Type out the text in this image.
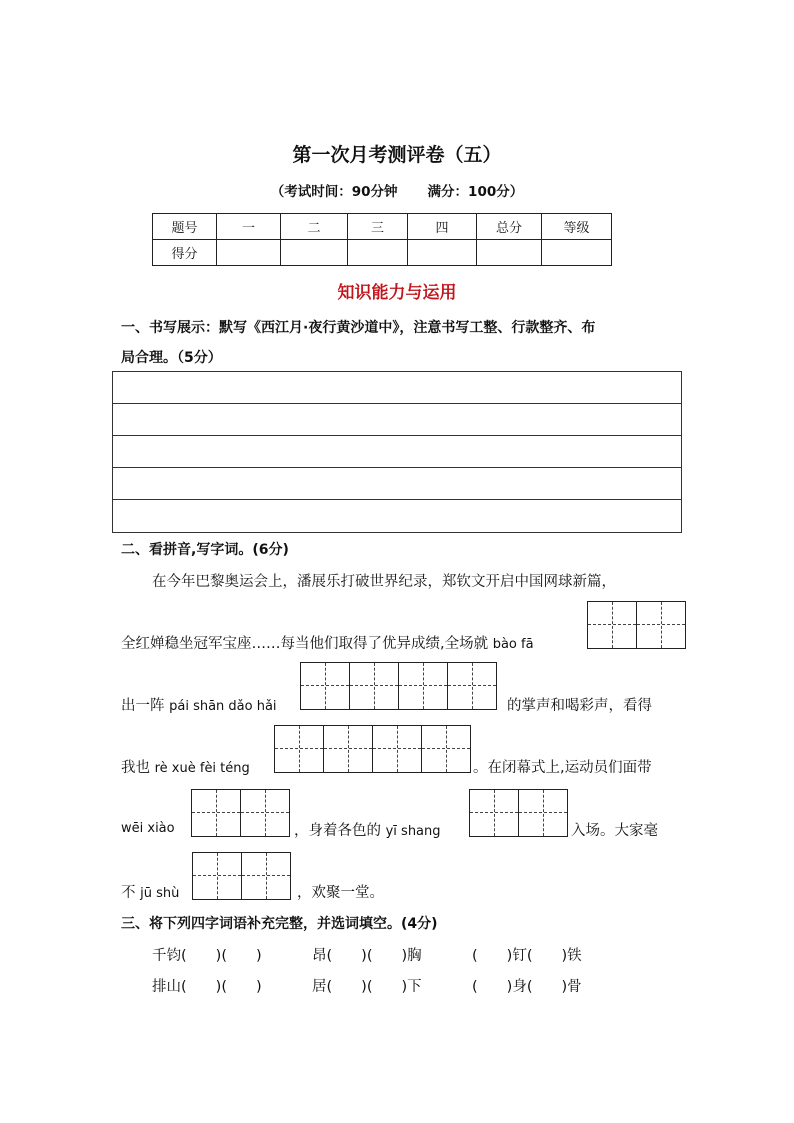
第一次月考测评卷（五）
（考试时间：90分钟 满分：100分）
题号	一	二	三	四	总分	等级
得分						
知识能力与运用
一、书写展示：默写《西江月·夜行黄沙道中》，注意书写工整、行款整齐、布
局合理。（5分）
二、看拼音,写字词。(6分)
在今年巴黎奥运会上，潘展乐打破世界纪录，郑钦文开启中国网球新篇，
全红婵稳坐冠军宝座……每当他们取得了优异成绩,全场就 bào fā
出一阵 pái shān dǎo hǎi	的掌声和喝彩声，看得
我也 rè xuè fèi téng	。在闭幕式上,运动员们面带
wēi xiào	，身着各色的 yī shang	入场。大家毫
不 jū shù	，欢聚一堂。
三、将下列四字词语补充完整，并选词填空。(4分)
千钧(　　)(　　)	昂(　　)(　　)胸	(　　)钉(　　)铁
排山(　　)(　　)	居(　　)(　　)下	(　　)身(　　)骨
